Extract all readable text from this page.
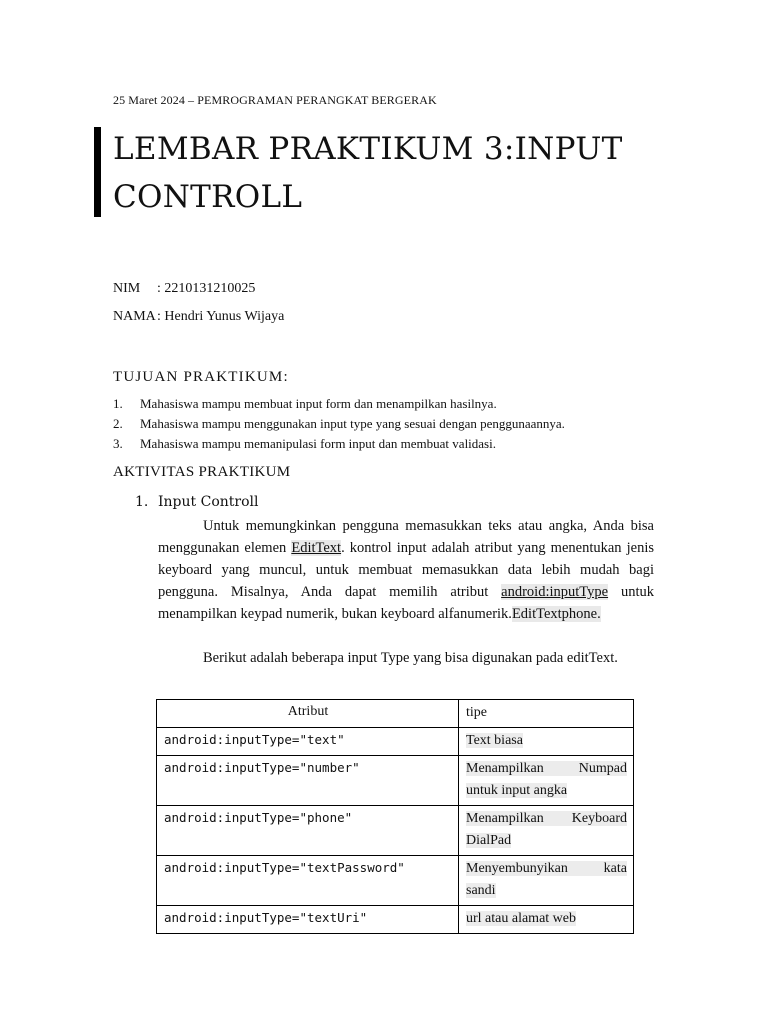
25 Maret 2024 – PEMROGRAMAN PERANGKAT BERGERAK
LEMBAR PRAKTIKUM 3:INPUT CONTROLL
NIM : 2210131210025
NAMA: Hendri Yunus Wijaya
TUJUAN PRAKTIKUM:
1. Mahasiswa mampu membuat input form dan menampilkan hasilnya.
2. Mahasiswa mampu menggunakan input type yang sesuai dengan penggunaannya.
3. Mahasiswa mampu memanipulasi form input dan membuat validasi.
AKTIVITAS PRAKTIKUM
1. Input Controll

Untuk memungkinkan pengguna memasukkan teks atau angka, Anda bisa menggunakan elemen EditText. kontrol input adalah atribut yang menentukan jenis keyboard yang muncul, untuk membuat memasukkan data lebih mudah bagi pengguna. Misalnya, Anda dapat memilih atribut android:inputType untuk menampilkan keypad numerik, bukan keyboard alfanumerik.EditTextphone.

Berikut adalah beberapa input Type yang bisa digunakan pada editText.

Atribut	tipe
android:inputType="text"	Text biasa
android:inputType="number"	Menampilkan Numpad untuk input angka
android:inputType="phone"	Menampilkan Keyboard DialPad
android:inputType="textPassword"	Menyembunyikan kata sandi
android:inputType="textUri"	url atau alamat web
